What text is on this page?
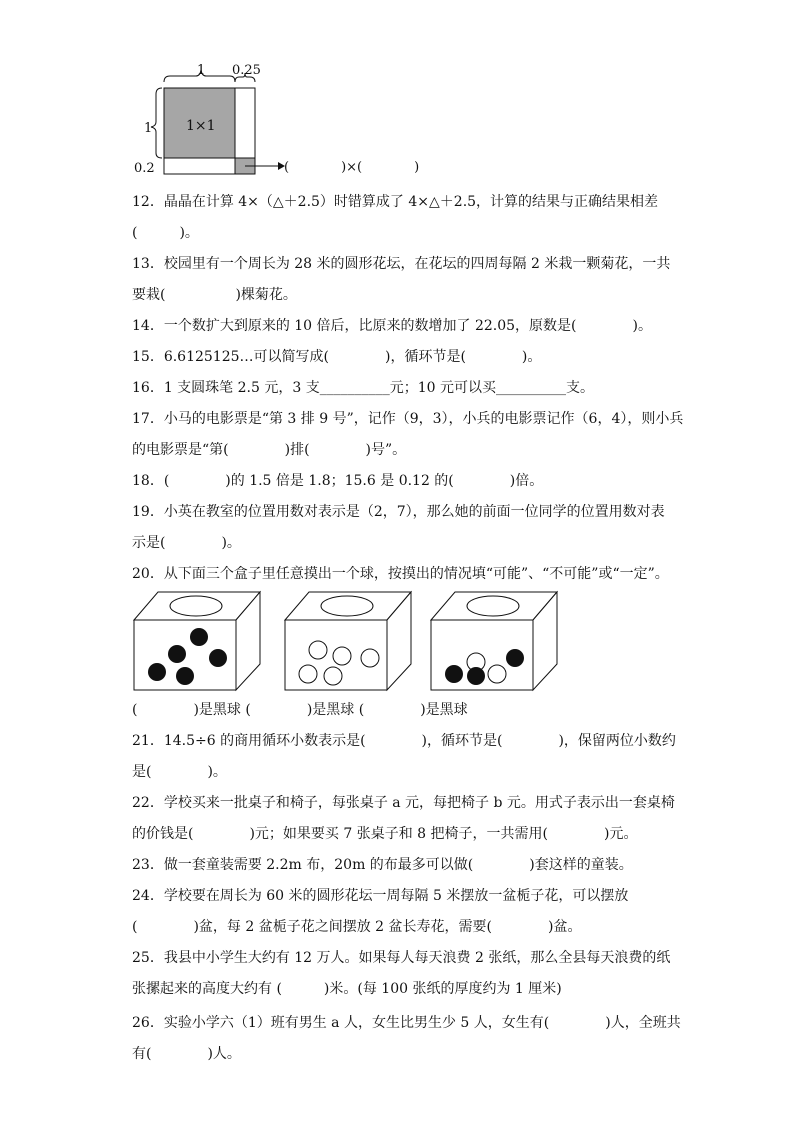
1 0.25
1
0.2
1×1
(　　　　)×(　　　　)
12．晶晶在计算 4×（△＋2.5）时错算成了 4×△＋2.5，计算的结果与正确结果相差
(　　　)。
13．校园里有一个周长为 28 米的圆形花坛，在花坛的四周每隔 2 米栽一颗菊花，一共
要栽(　　　　　)棵菊花。
14．一个数扩大到原来的 10 倍后，比原来的数增加了 22.05，原数是(　　　　)。
15．6.6125125…可以简写成(　　　　)，循环节是(　　　　)。
16．1 支圆珠笔 2.5 元，3 支__________元；10 元可以买__________支。
17．小马的电影票是“第 3 排 9 号”，记作（9，3），小兵的电影票记作（6，4），则小兵
的电影票是“第(　　　　)排(　　　　)号”。
18．(　　　　)的 1.5 倍是 1.8；15.6 是 0.12 的(　　　　)倍。
19．小英在教室的位置用数对表示是（2，7），那么她的前面一位同学的位置用数对表
示是(　　　　)。
20．从下面三个盒子里任意摸出一个球，按摸出的情况填“可能”、“不可能”或“一定”。
(　　　　)是黑球 (　　　　)是黑球 (　　　　)是黑球
21．14.5÷6 的商用循环小数表示是(　　　　)，循环节是(　　　　)，保留两位小数约
是(　　　　)。
22．学校买来一批桌子和椅子，每张桌子 a 元，每把椅子 b 元。用式子表示出一套桌椅
的价钱是(　　　　)元；如果要买 7 张桌子和 8 把椅子，一共需用(　　　　)元。
23．做一套童装需要 2.2m 布，20m 的布最多可以做(　　　　)套这样的童装。
24．学校要在周长为 60 米的圆形花坛一周每隔 5 米摆放一盆栀子花，可以摆放
(　　　　)盆，每 2 盆栀子花之间摆放 2 盆长寿花，需要(　　　　)盆。
25．我县中小学生大约有 12 万人。如果每人每天浪费 2 张纸，那么全县每天浪费的纸
张摞起来的高度大约有 (　　　)米。(每 100 张纸的厚度约为 1 厘米)
26．实验小学六（1）班有男生 a 人，女生比男生少 5 人，女生有(　　　　)人，全班共
有(　　　　)人。
